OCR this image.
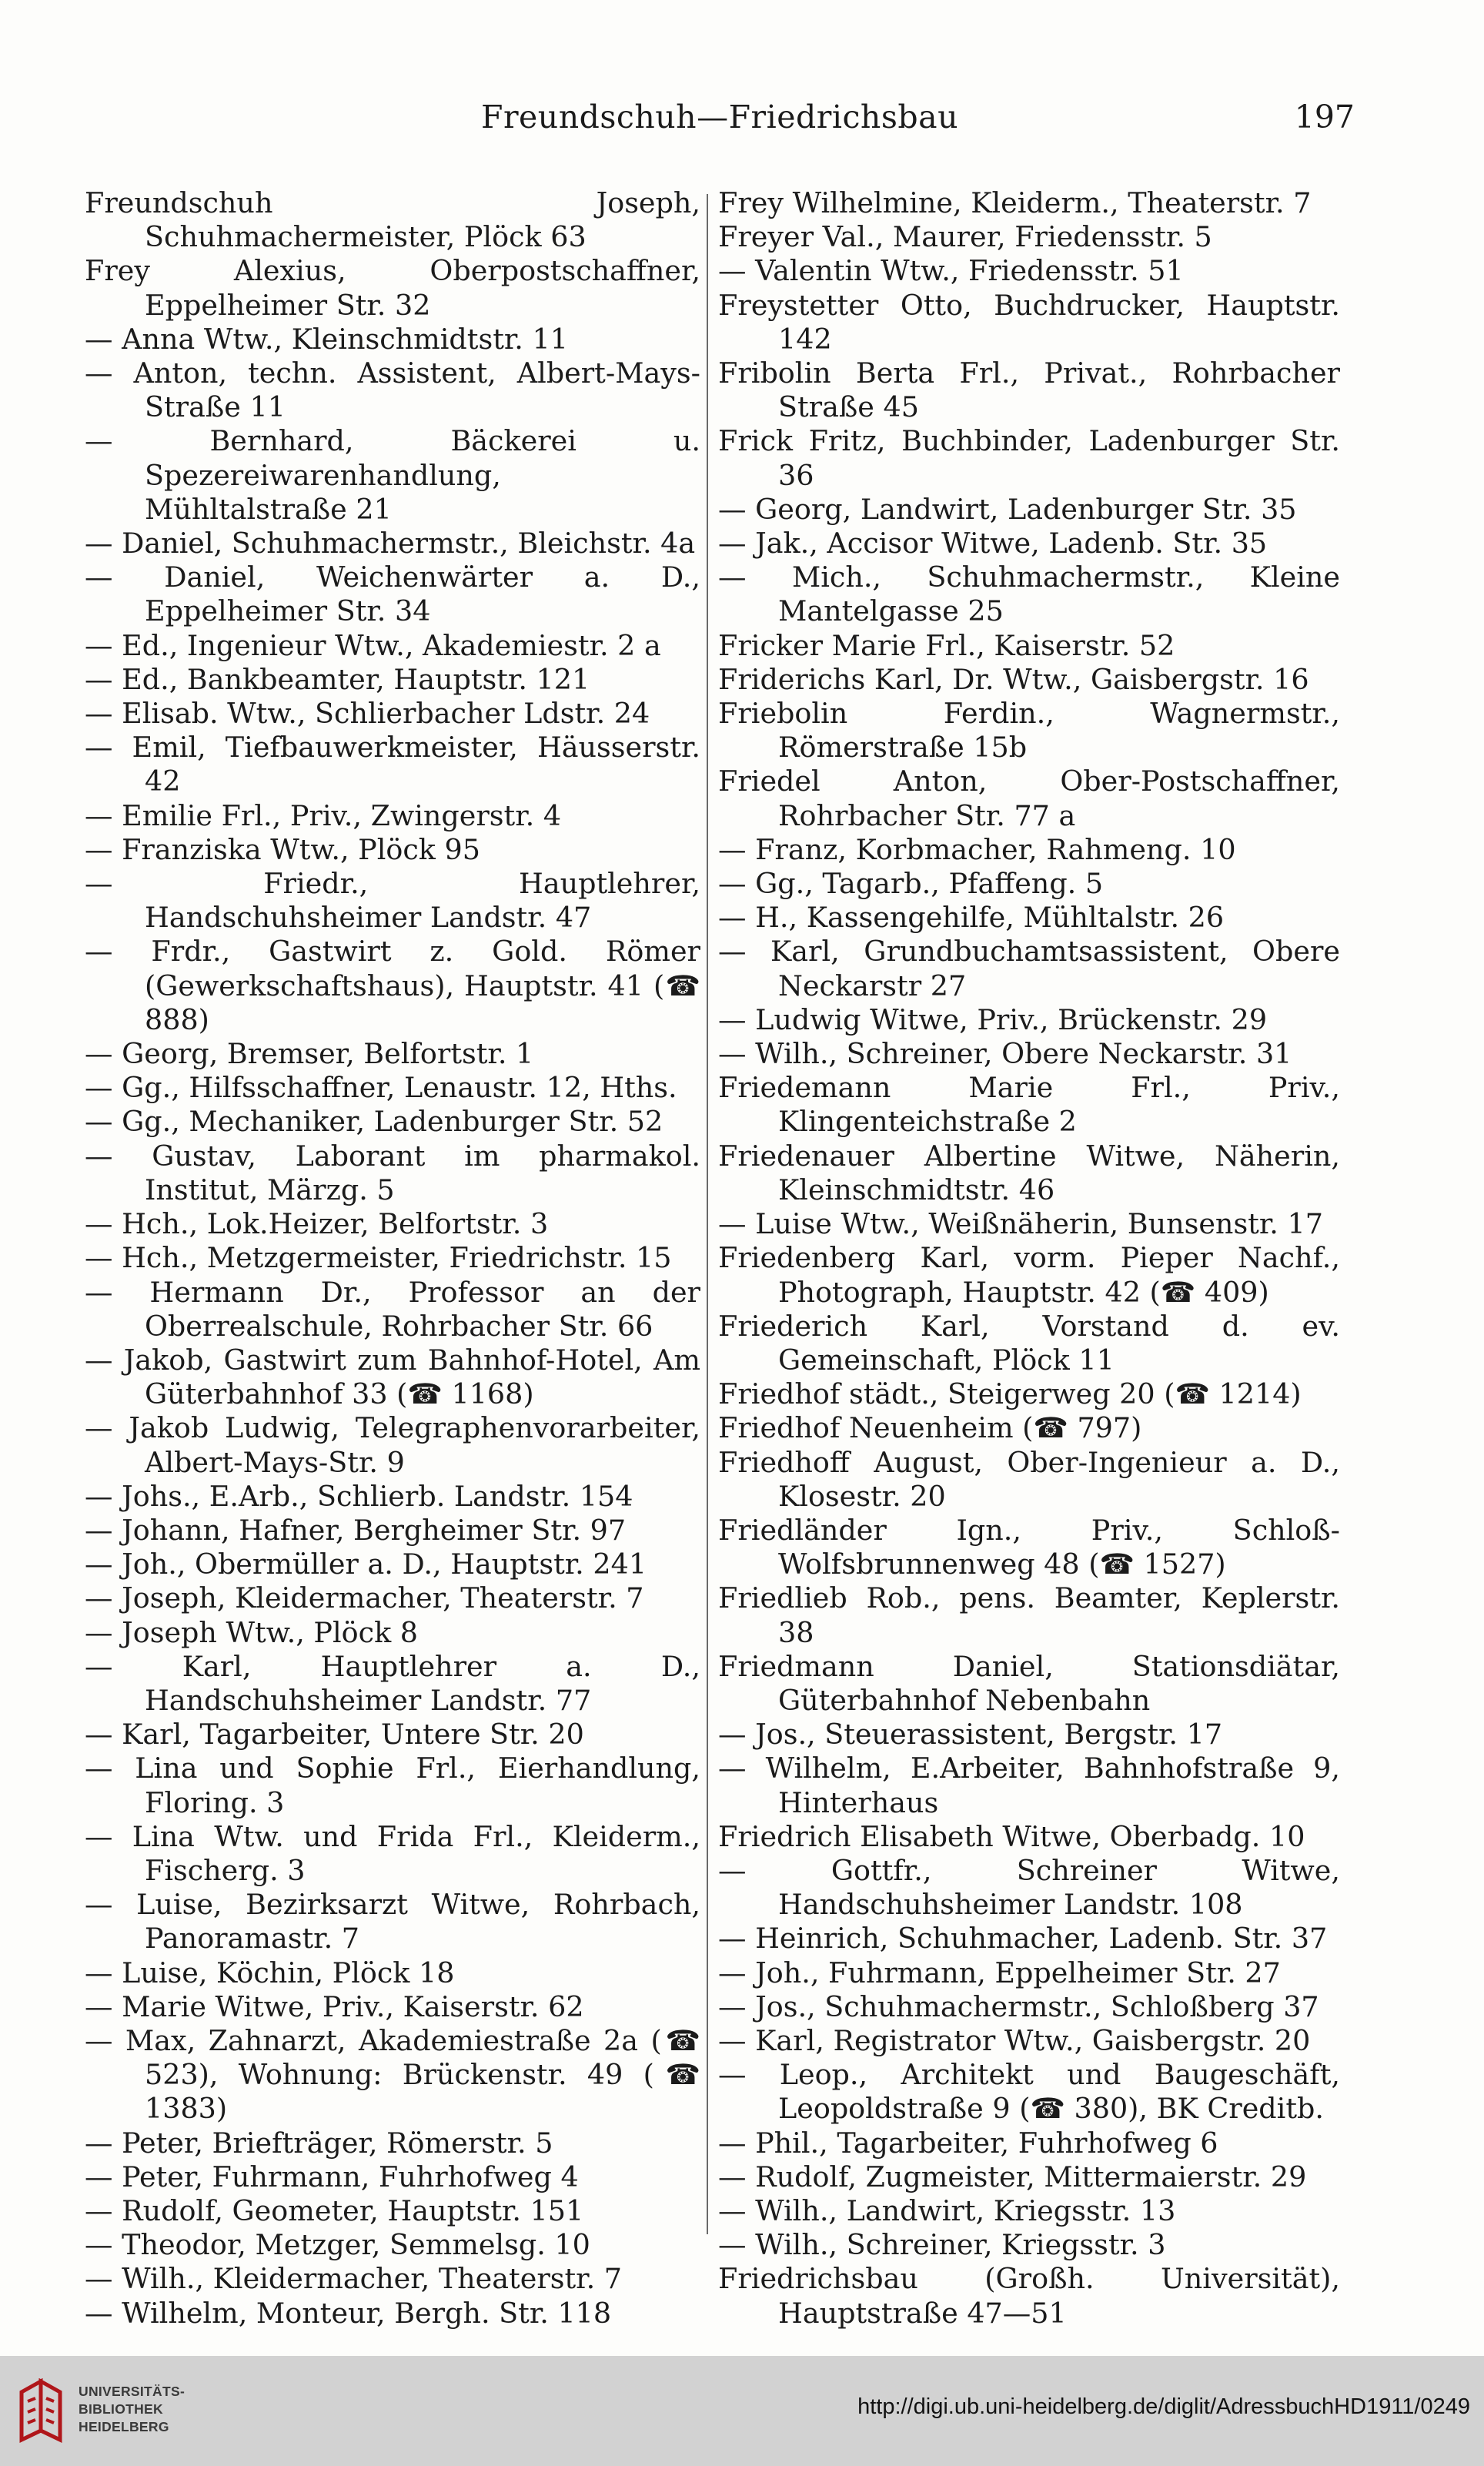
Freundschuh—Friedrichsbau	197

Freundschuh Joseph, Schuhmachermeister, Plöck 63

Frey Alexius, Oberpostschaffner, Eppelheimer Str. 32

— Anna Wtw., Kleinschmidtstr. 11

— Anton, techn. Assistent, Albert-Mays-Straße 11

— Bernhard, Bäckerei u. Spezereiwarenhandlung, Mühltalstraße 21

— Daniel, Schuhmachermstr., Bleichstr. 4a

— Daniel, Weichenwärter a. D., Eppelheimer Str. 34

— Ed., Ingenieur Wtw., Akademiestr. 2 a

— Ed., Bankbeamter, Hauptstr. 121

— Elisab. Wtw., Schlierbacher Ldstr. 24

— Emil, Tiefbauwerkmeister, Häusserstr. 42

— Emilie Frl., Priv., Zwingerstr. 4

— Franziska Wtw., Plöck 95

— Friedr., Hauptlehrer, Handschuhsheimer Landstr. 47

— Frdr., Gastwirt z. Gold. Römer (Gewerkschaftshaus), Hauptstr. 41 (☎ 888)

— Georg, Bremser, Belfortstr. 1

— Gg., Hilfsschaffner, Lenaustr. 12, Hths.

— Gg., Mechaniker, Ladenburger Str. 52

— Gustav, Laborant im pharmakol. Institut, Märzg. 5

— Hch., Lok.Heizer, Belfortstr. 3

— Hch., Metzgermeister, Friedrichstr. 15

— Hermann Dr., Professor an der Oberrealschule, Rohrbacher Str. 66

— Jakob, Gastwirt zum Bahnhof-Hotel, Am Güterbahnhof 33 (☎ 1168)

— Jakob Ludwig, Telegraphenvorarbeiter, Albert-Mays-Str. 9

— Johs., E.Arb., Schlierb. Landstr. 154

— Johann, Hafner, Bergheimer Str. 97

— Joh., Obermüller a. D., Hauptstr. 241

— Joseph, Kleidermacher, Theaterstr. 7

— Joseph Wtw., Plöck 8

— Karl, Hauptlehrer a. D., Handschuhsheimer Landstr. 77

— Karl, Tagarbeiter, Untere Str. 20

— Lina und Sophie Frl., Eierhandlung, Floring. 3

— Lina Wtw. und Frida Frl., Kleiderm., Fischerg. 3

— Luise, Bezirksarzt Witwe, Rohrbach, Panoramastr. 7

— Luise, Köchin, Plöck 18

— Marie Witwe, Priv., Kaiserstr. 62

— Max, Zahnarzt, Akademiestraße 2a (☎ 523), Wohnung: Brückenstr. 49 (☎ 1383)

— Peter, Briefträger, Römerstr. 5

— Peter, Fuhrmann, Fuhrhofweg 4

— Rudolf, Geometer, Hauptstr. 151

— Theodor, Metzger, Semmelsg. 10

— Wilh., Kleidermacher, Theaterstr. 7

— Wilhelm, Monteur, Bergh. Str. 118

Frey Wilhelmine, Kleiderm., Theaterstr. 7

Freyer Val., Maurer, Friedensstr. 5

— Valentin Wtw., Friedensstr. 51

Freystetter Otto, Buchdrucker, Hauptstr. 142

Fribolin Berta Frl., Privat., Rohrbacher Straße 45

Frick Fritz, Buchbinder, Ladenburger Str. 36

— Georg, Landwirt, Ladenburger Str. 35

— Jak., Accisor Witwe, Ladenb. Str. 35

— Mich., Schuhmachermstr., Kleine Mantelgasse 25

Fricker Marie Frl., Kaiserstr. 52

Friderichs Karl, Dr. Wtw., Gaisbergstr. 16

Friebolin Ferdin., Wagnermstr., Römerstraße 15b

Friedel Anton, Ober-Postschaffner, Rohrbacher Str. 77 a

— Franz, Korbmacher, Rahmeng. 10

— Gg., Tagarb., Pfaffeng. 5

— H., Kassengehilfe, Mühltalstr. 26

— Karl, Grundbuchamtsassistent, Obere Neckarstr 27

— Ludwig Witwe, Priv., Brückenstr. 29

— Wilh., Schreiner, Obere Neckarstr. 31

Friedemann Marie Frl., Priv., Klingenteichstraße 2

Friedenauer Albertine Witwe, Näherin, Kleinschmidtstr. 46

— Luise Wtw., Weißnäherin, Bunsenstr. 17

Friedenberg Karl, vorm. Pieper Nachf., Photograph, Hauptstr. 42 (☎ 409)

Friederich Karl, Vorstand d. ev. Gemeinschaft, Plöck 11

Friedhof städt., Steigerweg 20 (☎ 1214)

Friedhof Neuenheim (☎ 797)

Friedhoff August, Ober-Ingenieur a. D., Klosestr. 20

Friedländer Ign., Priv., Schloß-Wolfsbrunnenweg 48 (☎ 1527)

Friedlieb Rob., pens. Beamter, Keplerstr. 38

Friedmann Daniel, Stationsdiätar, Güterbahnhof Nebenbahn

— Jos., Steuerassistent, Bergstr. 17

— Wilhelm, E.Arbeiter, Bahnhofstraße 9, Hinterhaus

Friedrich Elisabeth Witwe, Oberbadg. 10

— Gottfr., Schreiner Witwe, Handschuhsheimer Landstr. 108

— Heinrich, Schuhmacher, Ladenb. Str. 37

— Joh., Fuhrmann, Eppelheimer Str. 27

— Jos., Schuhmachermstr., Schloßberg 37

— Karl, Registrator Wtw., Gaisbergstr. 20

— Leop., Architekt und Baugeschäft, Leopoldstraße 9 (☎ 380), BK Creditb.

— Phil., Tagarbeiter, Fuhrhofweg 6

— Rudolf, Zugmeister, Mittermaierstr. 29

— Wilh., Landwirt, Kriegsstr. 13

— Wilh., Schreiner, Kriegsstr. 3

Friedrichsbau (Großh. Universität), Hauptstraße 47—51

UNIVERSITÄTS-
BIBLIOTHEK
HEIDELBERG
http://digi.ub.uni-heidelberg.de/diglit/AdressbuchHD1911/0249
